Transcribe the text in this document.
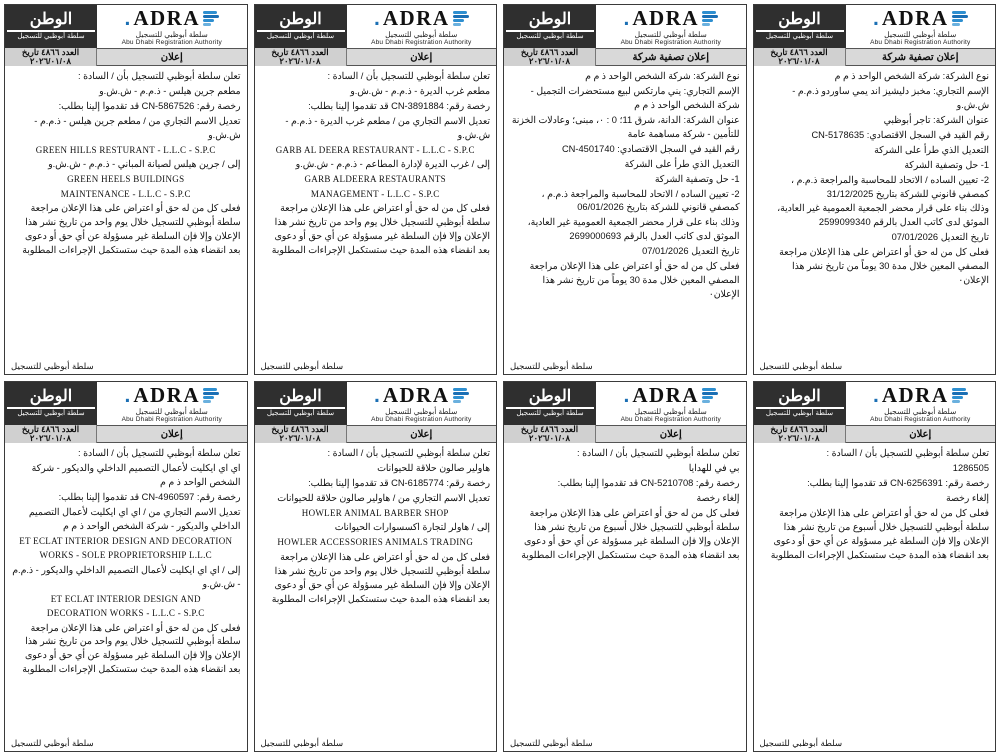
الوطن
سلطة أبوظبي للتسجيل
. ADRA
سلطة أبوظبي للتسجيل
Abu Dhabi Registration Authority
العدد ٤٨٦٦ تاريخ ٢٠٢٦/٠١/٠٨	إعلان

تعلن سلطة أبوظبي للتسجيل بأن / السادة :

مطعم جرين هيلس - ذ.م.م - ش.ش.و

رخصة رقم: CN-5867526 قد تقدموا إلينا بطلب:

تعديل الاسم التجاري من / مطعم جرين هيلس - ذ.م.م - ش.ش.و

GREEN HILLS RESTURANT - L.L.C - S.P.C

إلى / جرين هيلس لصيانة المباني - ذ.م.م - ش.ش.و

GREEN HEELS BUILDINGS

MAINTENANCE - L.L.C - S.P.C

فعلى كل من له حق أو اعتراض على هذا الإعلان مراجعة سلطة أبوظبي للتسجيل خلال يوم واحد من تاريخ نشر هذا الإعلان وإلا فإن السلطة غير مسؤولة عن أي حق أو دعوى بعد انقضاء هذه المدة حيث ستستكمل الإجراءات المطلوبة

سلطة أبوظبي للتسجيل
الوطن
سلطة أبوظبي للتسجيل
. ADRA
سلطة أبوظبي للتسجيل
Abu Dhabi Registration Authority
العدد ٤٨٦٦ تاريخ ٢٠٢٦/٠١/٠٨	إعلان

تعلن سلطة أبوظبي للتسجيل بأن / السادة :

مطعم غرب الديرة - ذ.م.م - ش.ش.و

رخصة رقم: CN-3891884 قد تقدموا إلينا بطلب:

تعديل الاسم التجاري من / مطعم غرب الديرة - ذ.م.م - ش.ش.و

GARB AL DEERA RESTAURANT - L.L.C - S.P.C

إلى / غرب الديرة لإدارة المطاعم - ذ.م.م - ش.ش.و

GARB ALDEERA RESTAURANTS

MANAGEMENT - L.L.C - S.P.C

فعلى كل من له حق أو اعتراض على هذا الإعلان مراجعة سلطة أبوظبي للتسجيل خلال يوم واحد من تاريخ نشر هذا الإعلان وإلا فإن السلطة غير مسؤولة عن أي حق أو دعوى بعد انقضاء هذه المدة حيث ستستكمل الإجراءات المطلوبة

سلطة أبوظبي للتسجيل
الوطن
سلطة أبوظبي للتسجيل
. ADRA
سلطة أبوظبي للتسجيل
Abu Dhabi Registration Authority
العدد ٤٨٦٦ تاريخ ٢٠٢٦/٠١/٠٨	إعلان تصفية شركة

نوع الشركة: شركة الشخص الواحد ذ م م

الإسم التجاري: يني مارتكس لبيع مستحضرات التجميل - شركة الشخص الواحد ذ م م

عنوان الشركة: الدانة، شرق 11؛ 0 : ٠، مبنى؛ وعادلات الخزنة للتأمين - شركة مساهمة عامة

رقم القيد في السجل الاقتصادي: CN-4501740

التعديل الذي طرأ على الشركة

1- حل وتصفية الشركة

2- تعيين الساده / الاتحاد للمحاسبة والمراجعة ذ.م.م ، كمصفي قانوني للشركة بتاريخ 06/01/2026

وذلك بناء على قرار محضر الجمعية العمومية غير العادية، الموثق لدى كاتب العدل بالرقم 2699000693

تاريخ التعديل 07/01/2026

فعلى كل من له حق أو اعتراض على هذا الإعلان مراجعة المصفي المعين خلال مدة 30 يوماً من تاريخ نشر هذا الإعلان٠

سلطة أبوظبي للتسجيل
الوطن
سلطة أبوظبي للتسجيل
. ADRA
سلطة أبوظبي للتسجيل
Abu Dhabi Registration Authority
العدد ٤٨٦٦ تاريخ ٢٠٢٦/٠١/٠٨	إعلان تصفية شركة

نوع الشركة: شركة الشخص الواحد ذ م م

الإسم التجاري: مخبز دليشيز اند يمي ساوردو ذ.م.م - ش.ش.و

عنوان الشركة: تاجر أبوظبي

رقم القيد في السجل الاقتصادي: CN-5178635

التعديل الذي طرأ على الشركة

1- حل وتصفية الشركة

2- تعيين الساده / الاتحاد للمحاسبة والمراجعة ذ.م.م ، كمصفي قانوني للشركة بتاريخ 31/12/2025

وذلك بناء على قرار محضر الجمعية العمومية غير العادية، الموثق لدى كاتب العدل بالرقم 2599099340

تاريخ التعديل 07/01/2026

فعلى كل من له حق أو اعتراض على هذا الإعلان مراجعة المصفي المعين خلال مدة 30 يوماً من تاريخ نشر هذا الإعلان٠

سلطة أبوظبي للتسجيل
الوطن
سلطة أبوظبي للتسجيل
. ADRA
سلطة أبوظبي للتسجيل
Abu Dhabi Registration Authority
العدد ٤٨٦٦ تاريخ ٢٠٢٦/٠١/٠٨	إعلان

تعلن سلطة أبوظبي للتسجيل بأن / السادة :

اي اي ايكليت لأعمال التصميم الداخلي والديكور - شركة الشخص الواحد ذ م م

رخصة رقم: CN-4960597 قد تقدموا إلينا بطلب:

تعديل الاسم التجاري من / اي اي ايكليت لأعمال التصميم الداخلي والديكور - شركة الشخص الواحد ذ م م

ET ECLAT INTERIOR DESIGN AND DECORATION

WORKS - SOLE PROPRIETORSHIP L.L.C

إلى / اي اي ايكليت لأعمال التصميم الداخلي والديكور - ذ.م.م - ش.ش.و

ET ECLAT INTERIOR DESIGN AND

DECORATION WORKS - L.L.C - S.P.C

فعلى كل من له حق أو اعتراض على هذا الإعلان مراجعة سلطة أبوظبي للتسجيل خلال يوم واحد من تاريخ نشر هذا الإعلان وإلا فإن السلطة غير مسؤولة عن أي حق أو دعوى بعد انقضاء هذه المدة حيث ستستكمل الإجراءات المطلوبة

سلطة أبوظبي للتسجيل
الوطن
سلطة أبوظبي للتسجيل
. ADRA
سلطة أبوظبي للتسجيل
Abu Dhabi Registration Authority
العدد ٤٨٦٦ تاريخ ٢٠٢٦/٠١/٠٨	إعلان

تعلن سلطة أبوظبي للتسجيل بأن / السادة :

هاولير صالون حلاقة للحيوانات

رخصة رقم: CN-6185774 قد تقدموا إلينا بطلب:

تعديل الاسم التجاري من / هاولير صالون حلاقة للحيوانات

HOWLER ANIMAL BARBER SHOP

إلى / هاولر لتجارة اكسسوارات الحيوانات

HOWLER ACCESSORIES ANIMALS TRADING

فعلى كل من له حق أو اعتراض على هذا الإعلان مراجعة سلطة أبوظبي للتسجيل خلال يوم واحد من تاريخ نشر هذا الإعلان وإلا فإن السلطة غير مسؤولة عن أي حق أو دعوى بعد انقضاء هذه المدة حيث ستستكمل الإجراءات المطلوبة

سلطة أبوظبي للتسجيل
الوطن
سلطة أبوظبي للتسجيل
. ADRA
سلطة أبوظبي للتسجيل
Abu Dhabi Registration Authority
العدد ٤٨٦٦ تاريخ ٢٠٢٦/٠١/٠٨	إعلان

تعلن سلطة أبوظبي للتسجيل بأن / السادة :

بي في للهدايا

رخصة رقم: CN-5210708 قد تقدموا إلينا بطلب:

إلغاء رخصة

فعلى كل من له حق أو اعتراض على هذا الإعلان مراجعة سلطة أبوظبي للتسجيل خلال أسبوع من تاريخ نشر هذا الإعلان وإلا فإن السلطة غير مسؤولة عن أي حق أو دعوى بعد انقضاء هذه المدة حيث ستستكمل الإجراءات المطلوبة

سلطة أبوظبي للتسجيل
الوطن
سلطة أبوظبي للتسجيل
. ADRA
سلطة أبوظبي للتسجيل
Abu Dhabi Registration Authority
العدد ٤٨٦٦ تاريخ ٢٠٢٦/٠١/٠٨	إعلان

تعلن سلطة أبوظبي للتسجيل بأن / السادة :

1286505

رخصة رقم: CN-6256391 قد تقدموا إلينا بطلب:

إلغاء رخصة

فعلى كل من له حق أو اعتراض على هذا الإعلان مراجعة سلطة أبوظبي للتسجيل خلال أسبوع من تاريخ نشر هذا الإعلان وإلا فإن السلطة غير مسؤولة عن أي حق أو دعوى بعد انقضاء هذه المدة حيث ستستكمل الإجراءات المطلوبة

سلطة أبوظبي للتسجيل
